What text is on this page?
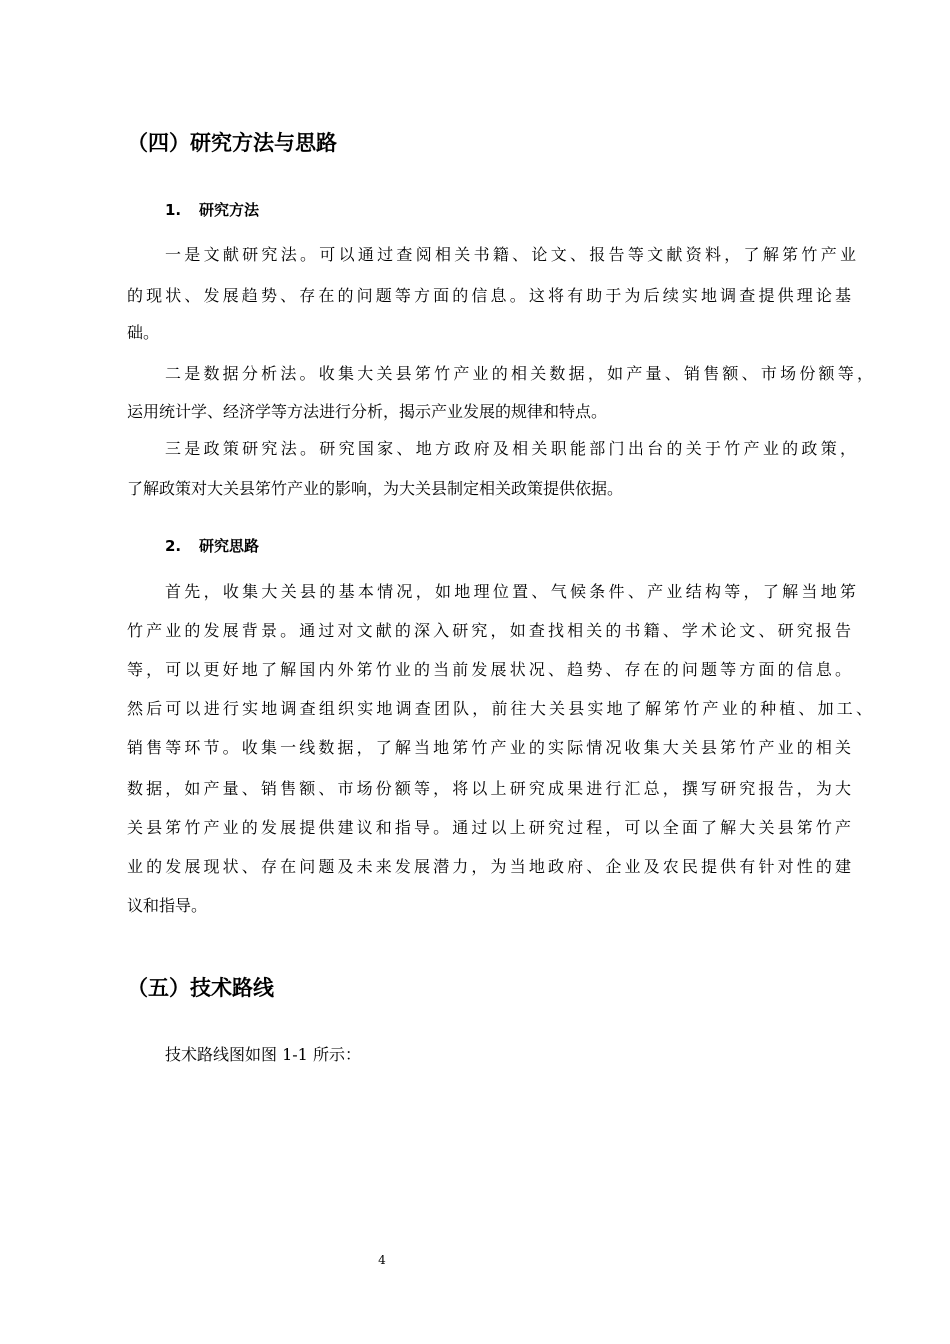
（四）研究方法与思路
1. 研究方法
一是文献研究法。可以通过查阅相关书籍、论文、报告等文献资料，了解笫竹产业
的现状、发展趋势、存在的问题等方面的信息。这将有助于为后续实地调查提供理论基
础。
二是数据分析法。收集大关县笫竹产业的相关数据，如产量、销售额、市场份额等，
运用统计学、经济学等方法进行分析，揭示产业发展的规律和特点。
三是政策研究法。研究国家、地方政府及相关职能部门出台的关于竹产业的政策，
了解政策对大关县笫竹产业的影响，为大关县制定相关政策提供依据。
2. 研究思路
首先，收集大关县的基本情况，如地理位置、气候条件、产业结构等，了解当地笫
竹产业的发展背景。通过对文献的深入研究，如查找相关的书籍、学术论文、研究报告
等，可以更好地了解国内外笫竹业的当前发展状况、趋势、存在的问题等方面的信息。
然后可以进行实地调查组织实地调查团队，前往大关县实地了解笫竹产业的种植、加工、
销售等环节。收集一线数据，了解当地笫竹产业的实际情况收集大关县笫竹产业的相关
数据，如产量、销售额、市场份额等，将以上研究成果进行汇总，撰写研究报告，为大
关县笫竹产业的发展提供建议和指导。通过以上研究过程，可以全面了解大关县笫竹产
业的发展现状、存在问题及未来发展潜力，为当地政府、企业及农民提供有针对性的建
议和指导。
（五）技术路线
技术路线图如图 1-1 所示：
4
